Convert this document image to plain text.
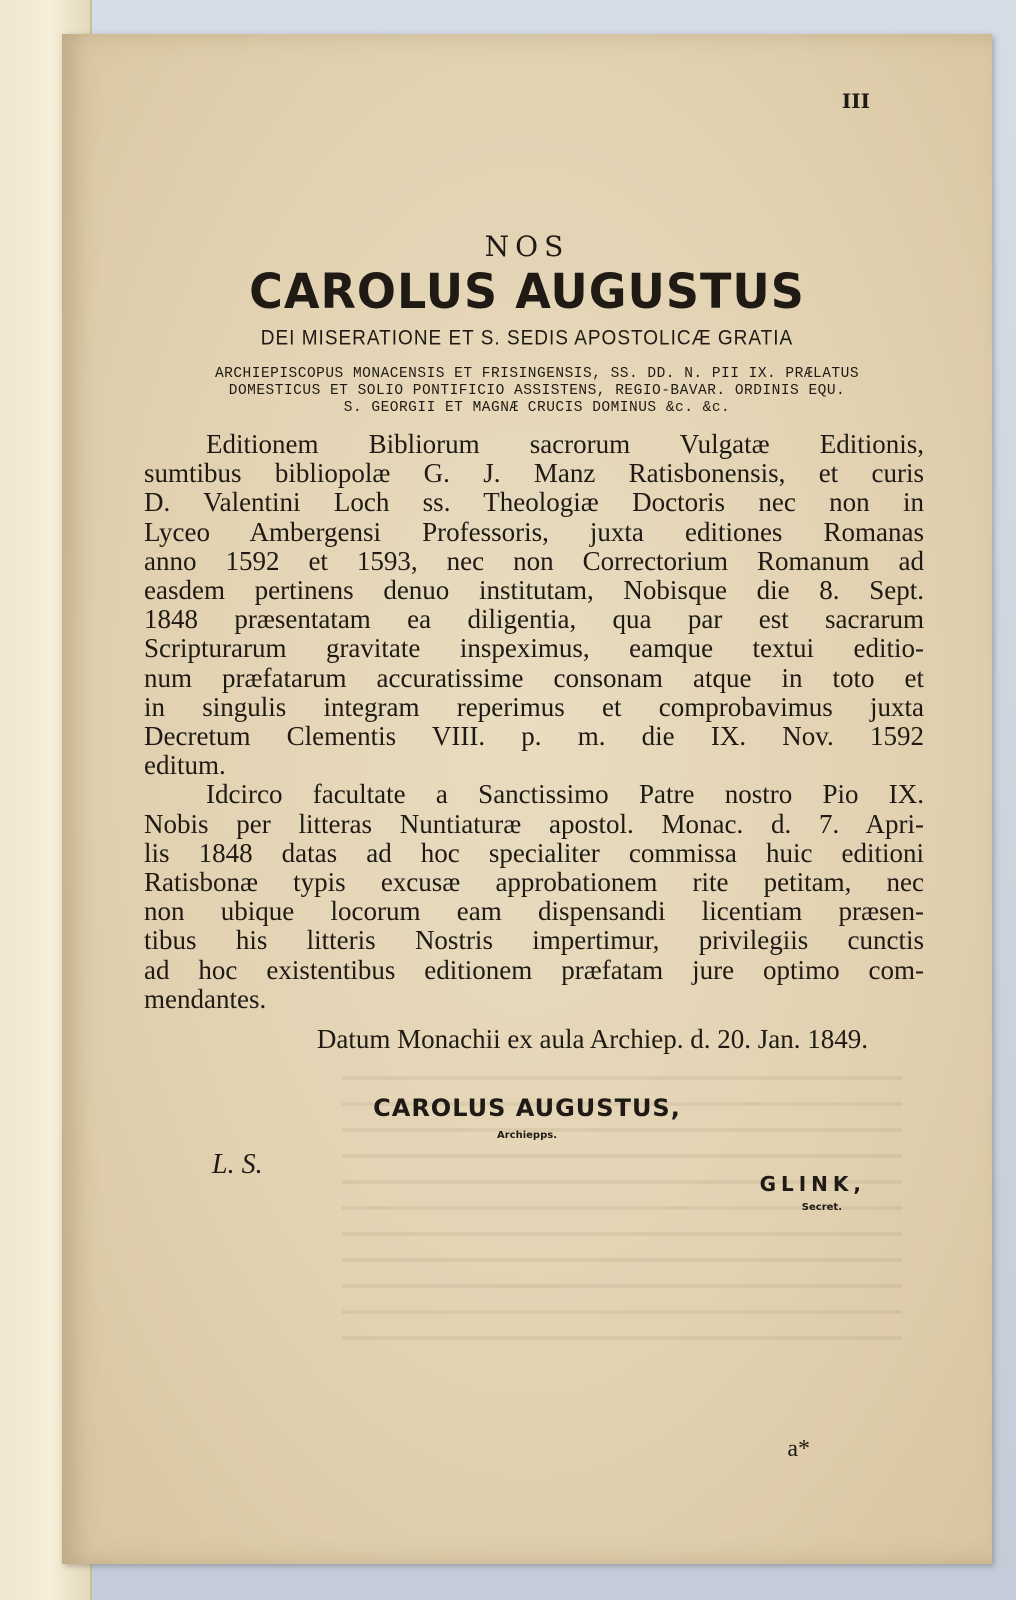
III
NOS
CAROLUS AUGUSTUS
DEI MISERATIONE ET S. SEDIS APOSTOLICÆ GRATIA
ARCHIEPISCOPUS MONACENSIS ET FRISINGENSIS, SS. DD. N. PII IX. PRÆLATUS
DOMESTICUS ET SOLIO PONTIFICIO ASSISTENS, REGIO-BAVAR. ORDINIS EQU.
S. GEORGII ET MAGNÆ CRUCIS DOMINUS &c. &c.

Editionem Bibliorum sacrorum Vulgatæ Editionis,
sumtibus bibliopolæ G. J. Manz Ratisbonensis, et curis
D. Valentini Loch ss. Theologiæ Doctoris nec non in
Lyceo Ambergensi Professoris, juxta editiones Romanas
anno 1592 et 1593, nec non Correctorium Romanum ad
easdem pertinens denuo institutam, Nobisque die 8. Sept.
1848 præsentatam ea diligentia, qua par est sacrarum
Scripturarum gravitate inspeximus, eamque textui editio-
num præfatarum accuratissime consonam atque in toto et
in singulis integram reperimus et comprobavimus juxta
Decretum Clementis VIII. p. m. die IX. Nov. 1592
editum.

Idcirco facultate a Sanctissimo Patre nostro Pio IX.
Nobis per litteras Nuntiaturæ apostol. Monac. d. 7. Apri-
lis 1848 datas ad hoc specialiter commissa huic editioni
Ratisbonæ typis excusæ approbationem rite petitam, nec
non ubique locorum eam dispensandi licentiam præsen-
tibus his litteris Nostris impertimur, privilegiis cunctis
ad hoc existentibus editionem præfatam jure optimo com-
mendantes.

Datum Monachii ex aula Archiep. d. 20. Jan. 1849.
CAROLUS AUGUSTUS,
Archiepps.
L. S.
GLINK,
Secret.
a*
